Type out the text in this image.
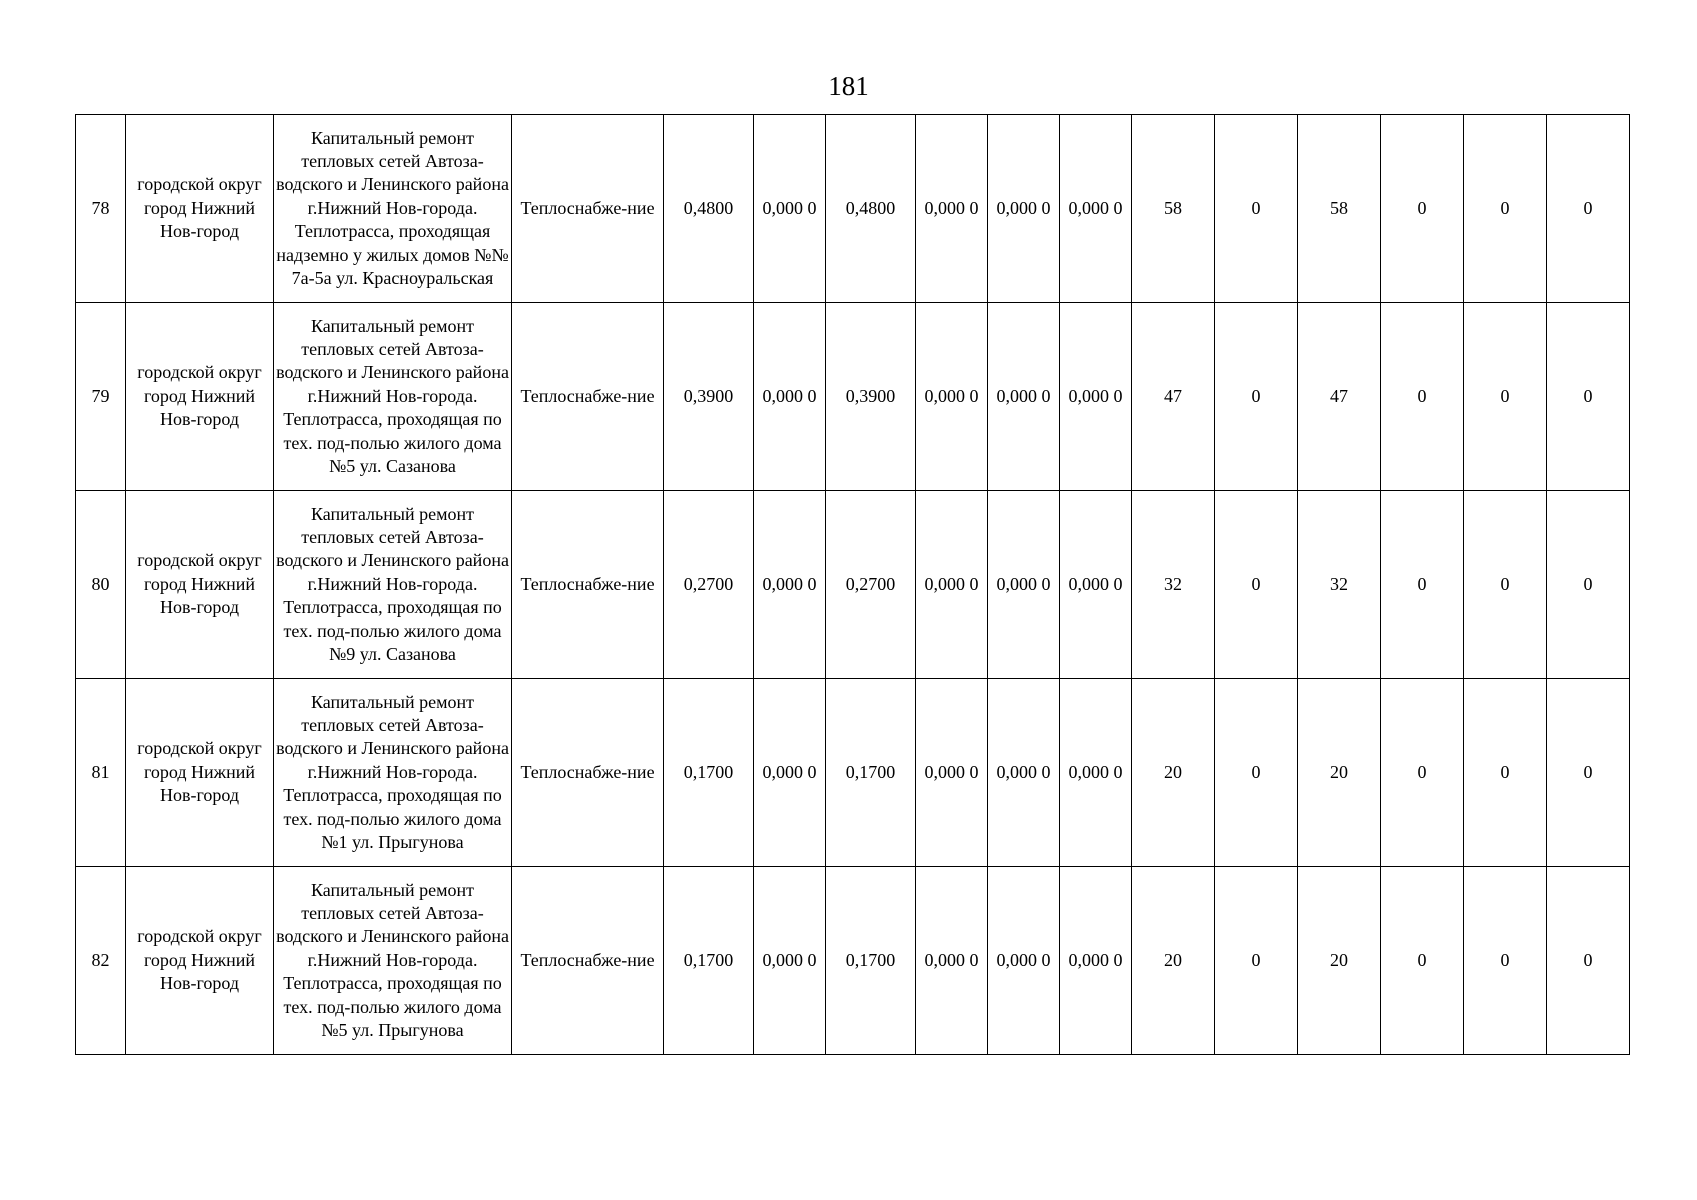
181
78	городской округ город Нижний Нов-город	Капитальный ремонт тепловых сетей Автоза-водского и Ленинского района г.Нижний Нов-города. Теплотрасса, проходящая надземно у жилых домов №№ 7а-5а ул. Красноуральская	Теплоснабже-ние	0,4800	0,000 0	0,4800	0,000 0	0,000 0	0,000 0	58	0	58	0	0	0
79	городской округ город Нижний Нов-город	Капитальный ремонт тепловых сетей Автоза-водского и Ленинского района г.Нижний Нов-города. Теплотрасса, проходящая по тех. под-полью жилого дома №5 ул. Сазанова	Теплоснабже-ние	0,3900	0,000 0	0,3900	0,000 0	0,000 0	0,000 0	47	0	47	0	0	0
80	городской округ город Нижний Нов-город	Капитальный ремонт тепловых сетей Автоза-водского и Ленинского района г.Нижний Нов-города. Теплотрасса, проходящая по тех. под-полью жилого дома №9 ул. Сазанова	Теплоснабже-ние	0,2700	0,000 0	0,2700	0,000 0	0,000 0	0,000 0	32	0	32	0	0	0
81	городской округ город Нижний Нов-город	Капитальный ремонт тепловых сетей Автоза-водского и Ленинского района г.Нижний Нов-города. Теплотрасса, проходящая по тех. под-полью жилого дома №1 ул. Прыгунова	Теплоснабже-ние	0,1700	0,000 0	0,1700	0,000 0	0,000 0	0,000 0	20	0	20	0	0	0
82	городской округ город Нижний Нов-город	Капитальный ремонт тепловых сетей Автоза-водского и Ленинского района г.Нижний Нов-города. Теплотрасса, проходящая по тех. под-полью жилого дома №5 ул. Прыгунова	Теплоснабже-ние	0,1700	0,000 0	0,1700	0,000 0	0,000 0	0,000 0	20	0	20	0	0	0
